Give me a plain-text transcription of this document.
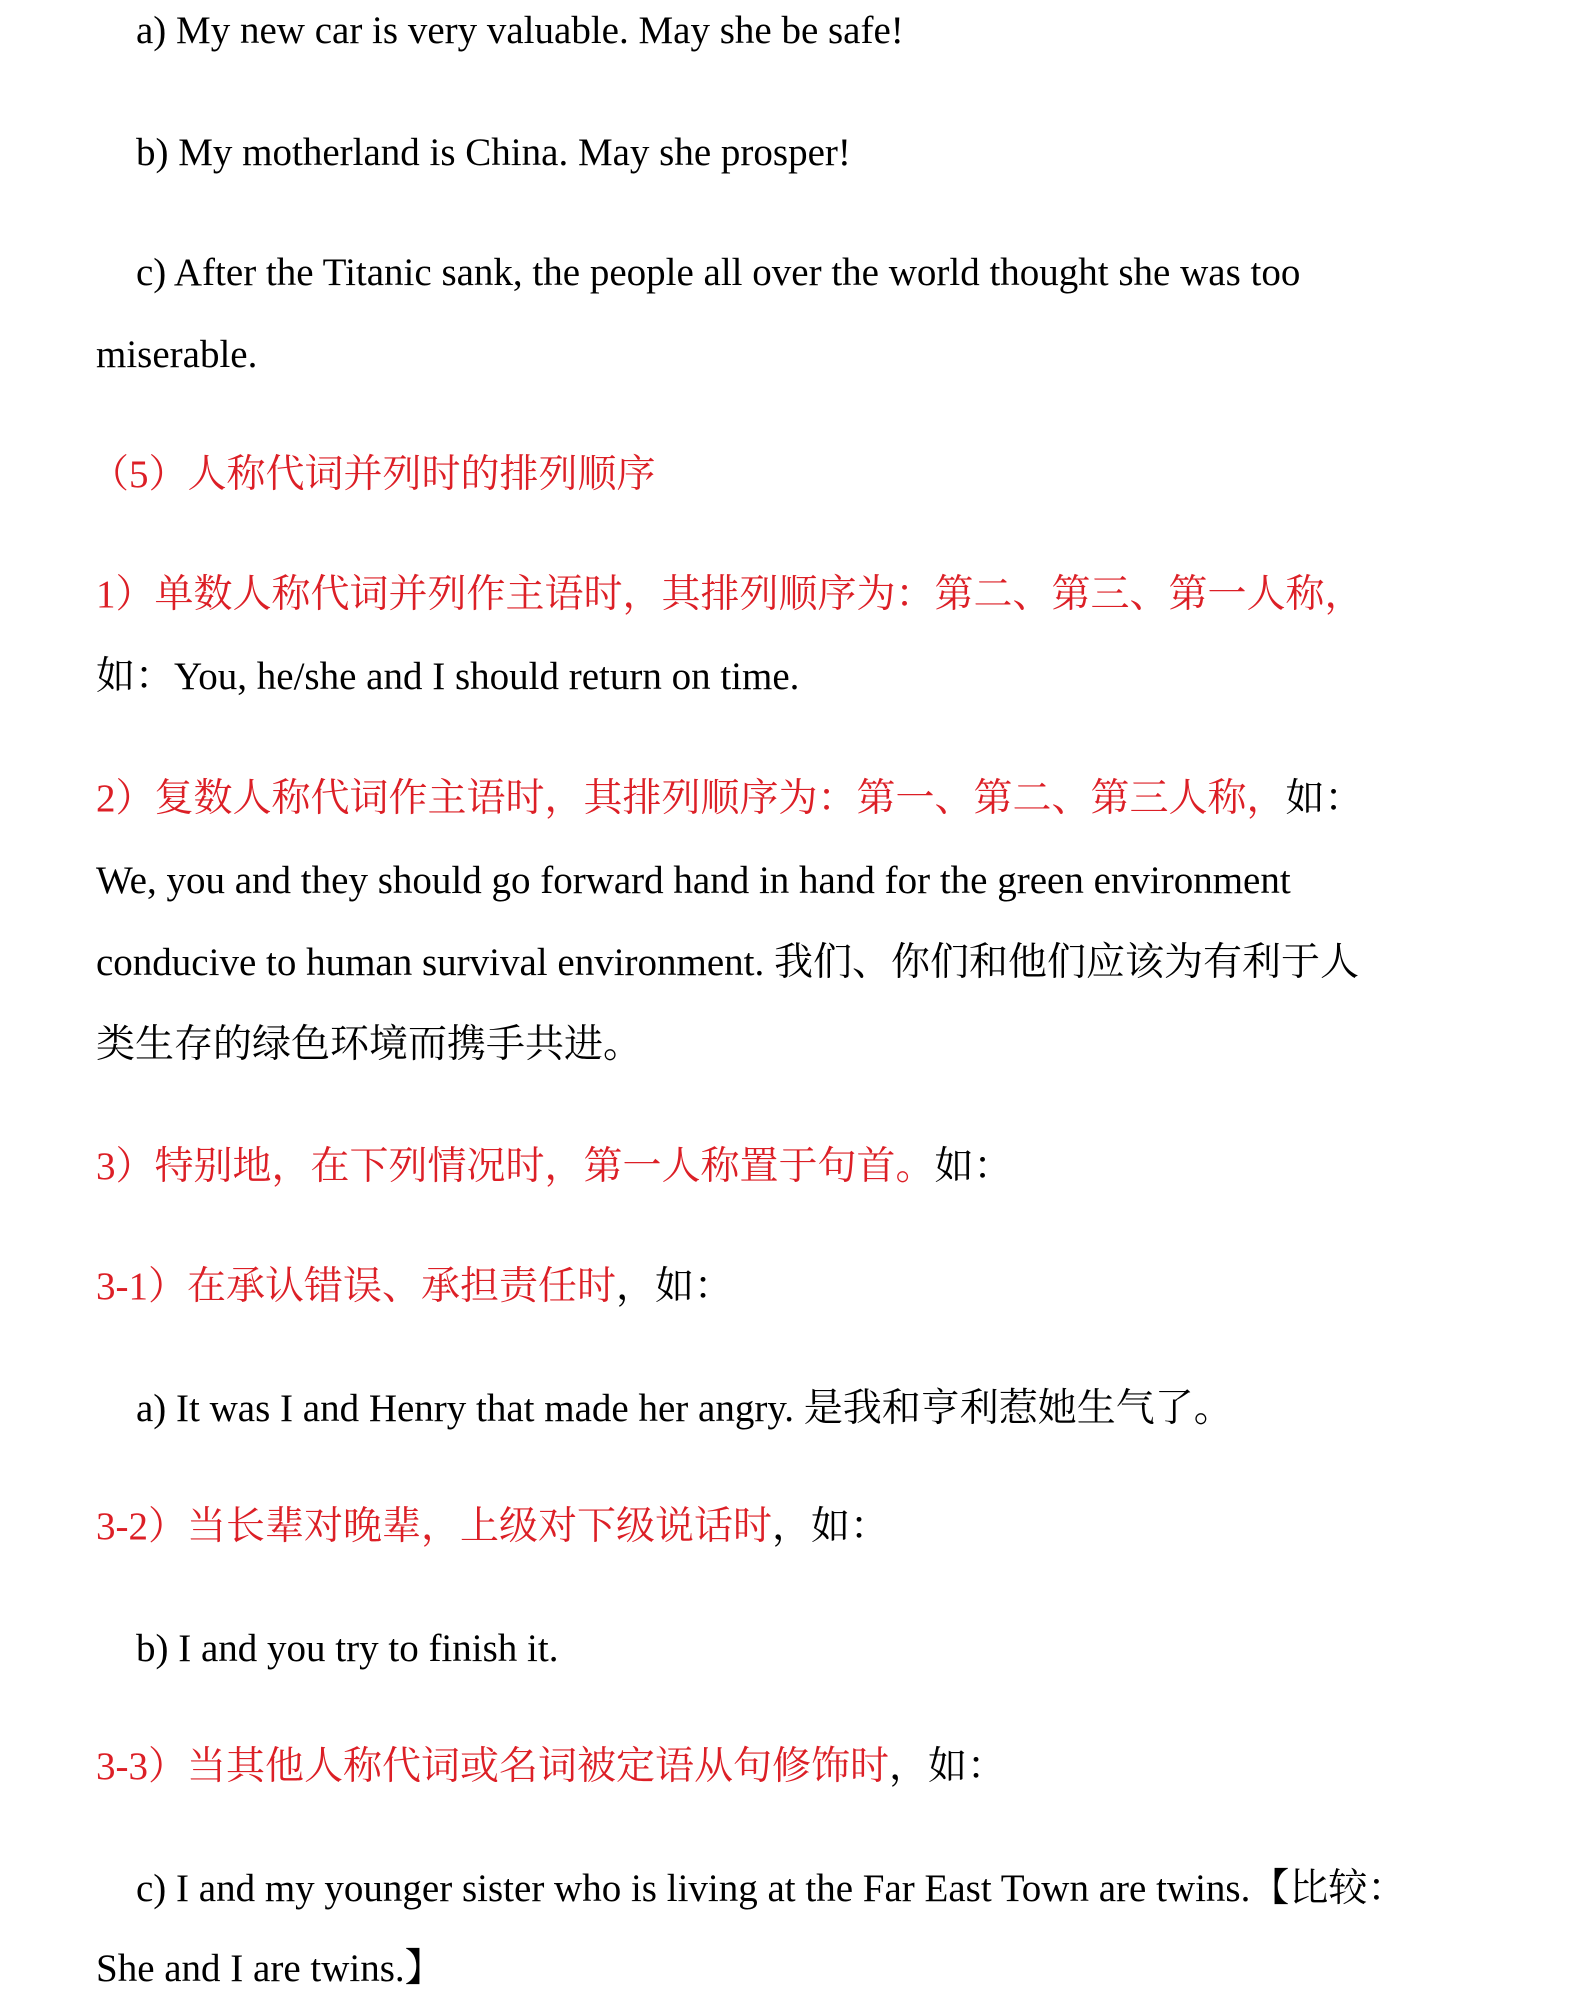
a) My new car is very valuable. May she be safe!
b) My motherland is China. May she prosper!
c) After the Titanic sank, the people all over the world thought she was too
miserable.
（5）人称代词并列时的排列顺序
1）单数人称代词并列作主语时，其排列顺序为：第二、第三、第一人称，
如：You, he/she and I should return on time.
2）复数人称代词作主语时，其排列顺序为：第一、第二、第三人称，如：
We, you and they should go forward hand in hand for the green environment
conducive to human survival environment. 我们、你们和他们应该为有利于人
类生存的绿色环境而携手共进。
3）特别地，在下列情况时，第一人称置于句首。如：
3-1）在承认错误、承担责任时，如：
a) It was I and Henry that made her angry. 是我和亨利惹她生气了。
3-2）当长辈对晚辈，上级对下级说话时，如：
b) I and you try to finish it.
3-3）当其他人称代词或名词被定语从句修饰时，如：
c) I and my younger sister who is living at the Far East Town are twins.【比较：
She and I are twins.】
